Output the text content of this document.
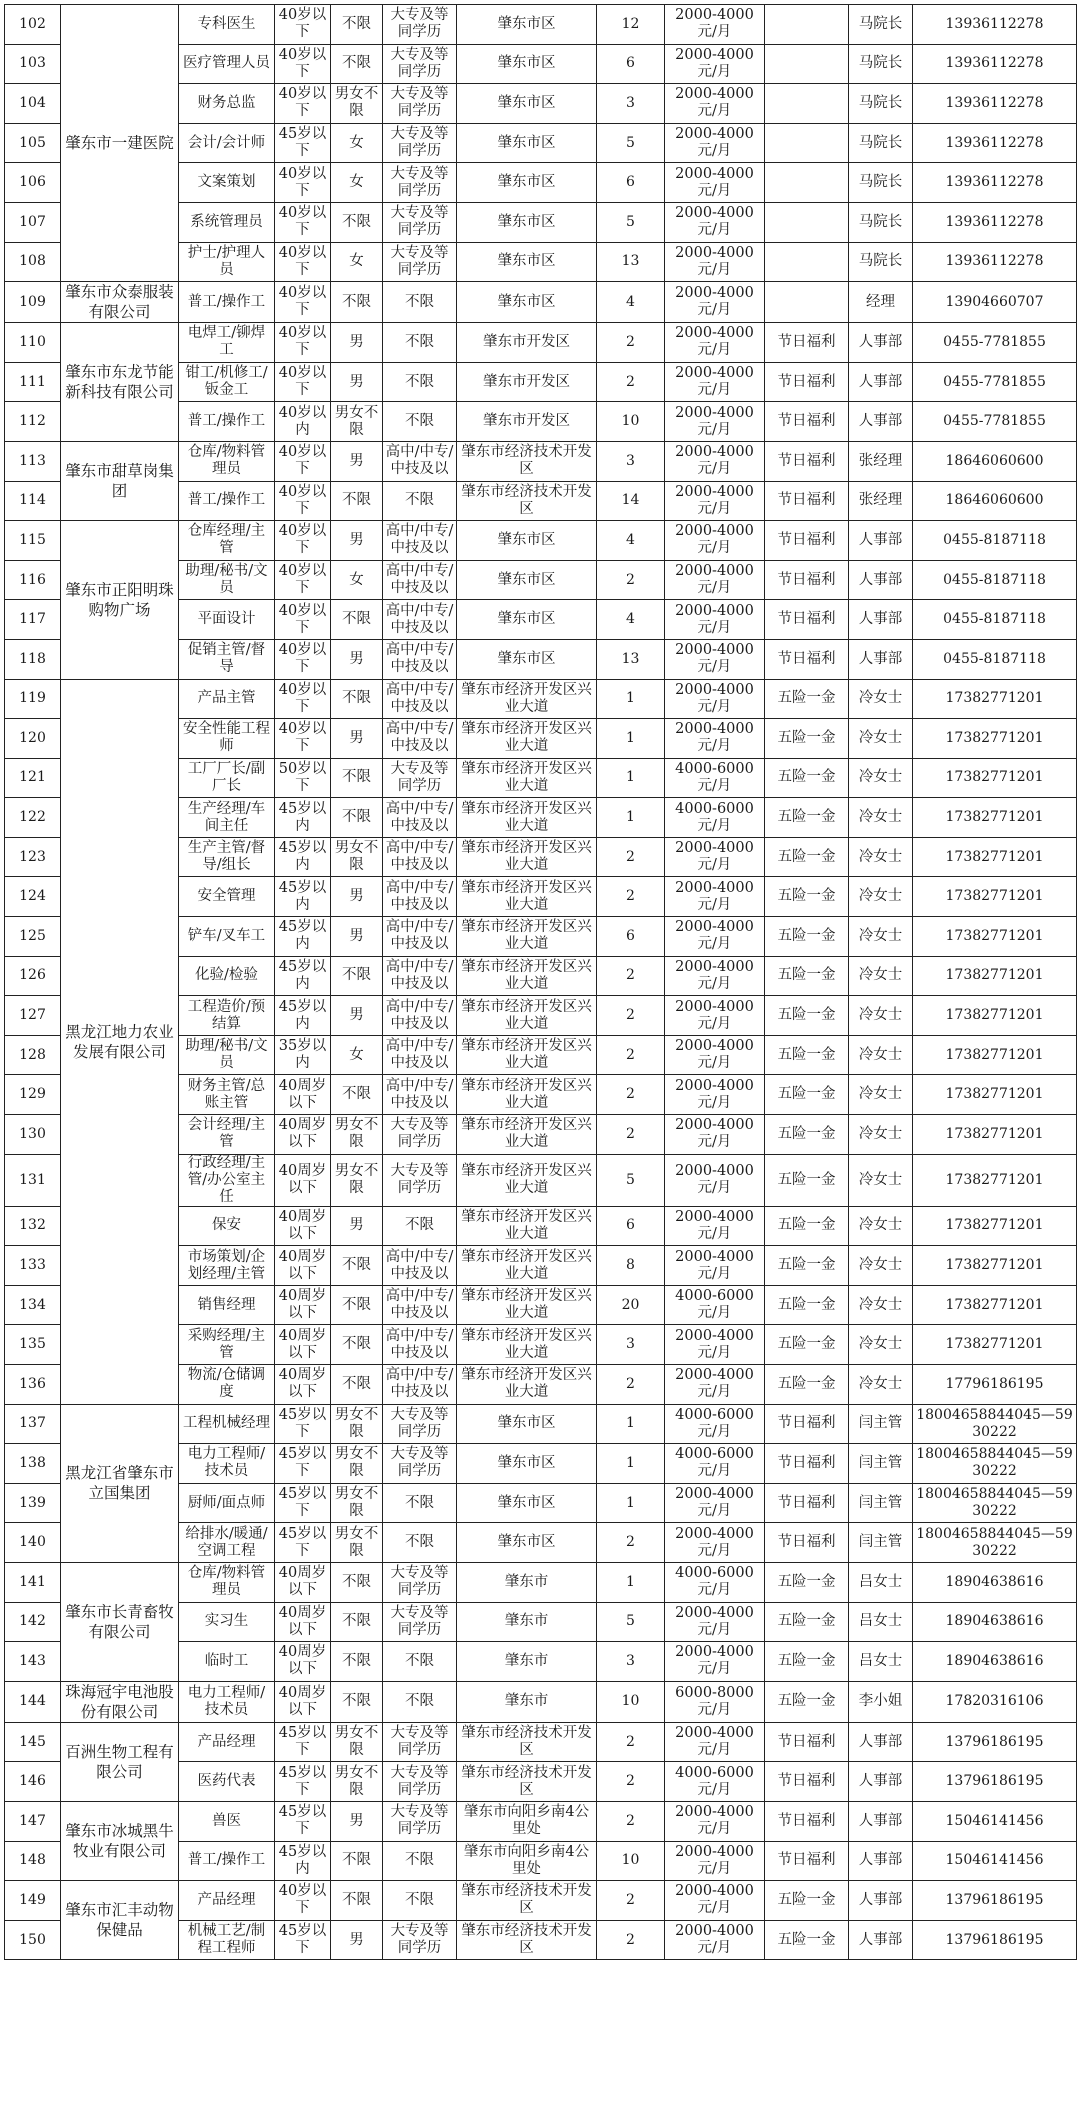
102	肇东市一建医院	专科医生	40岁以下	不限	大专及等同学历	肇东市区	12	2000-4000元/月		马院长	13936112278
103		医疗管理人员	40岁以下	不限	大专及等同学历	肇东市区	6	2000-4000元/月		马院长	13936112278
104		财务总监	40岁以下	男女不限	大专及等同学历	肇东市区	3	2000-4000元/月		马院长	13936112278
105		会计/会计师	45岁以下	女	大专及等同学历	肇东市区	5	2000-4000元/月		马院长	13936112278
106		文案策划	40岁以下	女	大专及等同学历	肇东市区	6	2000-4000元/月		马院长	13936112278
107		系统管理员	40岁以下	不限	大专及等同学历	肇东市区	5	2000-4000元/月		马院长	13936112278
108		护士/护理人员	40岁以下	女	大专及等同学历	肇东市区	13	2000-4000元/月		马院长	13936112278
109	肇东市众泰服装有限公司	普工/操作工	40岁以下	不限	不限	肇东市区	4	2000-4000元/月		经理	13904660707
110	肇东市东龙节能新科技有限公司	电焊工/铆焊工	40岁以下	男	不限	肇东市开发区	2	2000-4000元/月	节日福利	人事部	0455-7781855
111		钳工/机修工/钣金工	40岁以下	男	不限	肇东市开发区	2	2000-4000元/月	节日福利	人事部	0455-7781855
112		普工/操作工	40岁以内	男女不限	不限	肇东市开发区	10	2000-4000元/月	节日福利	人事部	0455-7781855
113	肇东市甜草岗集团	仓库/物料管理员	40岁以下	男	高中/中专/中技及以	肇东市经济技术开发区	3	2000-4000元/月	节日福利	张经理	18646060600
114		普工/操作工	40岁以下	不限	不限	肇东市经济技术开发区	14	2000-4000元/月	节日福利	张经理	18646060600
115	肇东市正阳明珠购物广场	仓库经理/主管	40岁以下	男	高中/中专/中技及以	肇东市区	4	2000-4000元/月	节日福利	人事部	0455-8187118
116		助理/秘书/文员	40岁以下	女	高中/中专/中技及以	肇东市区	2	2000-4000元/月	节日福利	人事部	0455-8187118
117		平面设计	40岁以下	不限	高中/中专/中技及以	肇东市区	4	2000-4000元/月	节日福利	人事部	0455-8187118
118		促销主管/督导	40岁以下	男	高中/中专/中技及以	肇东市区	13	2000-4000元/月	节日福利	人事部	0455-8187118
119	黑龙江地力农业发展有限公司	产品主管	40岁以下	不限	高中/中专/中技及以	肇东市经济开发区兴业大道	1	2000-4000元/月	五险一金	冷女士	17382771201
120		安全性能工程师	40岁以下	男	高中/中专/中技及以	肇东市经济开发区兴业大道	1	2000-4000元/月	五险一金	冷女士	17382771201
121		工厂厂长/副厂长	50岁以下	不限	大专及等同学历	肇东市经济开发区兴业大道	1	4000-6000元/月	五险一金	冷女士	17382771201
122		生产经理/车间主任	45岁以内	不限	高中/中专/中技及以	肇东市经济开发区兴业大道	1	4000-6000元/月	五险一金	冷女士	17382771201
123		生产主管/督导/组长	45岁以内	男女不限	高中/中专/中技及以	肇东市经济开发区兴业大道	2	2000-4000元/月	五险一金	冷女士	17382771201
124		安全管理	45岁以内	男	高中/中专/中技及以	肇东市经济开发区兴业大道	2	2000-4000元/月	五险一金	冷女士	17382771201
125		铲车/叉车工	45岁以内	男	高中/中专/中技及以	肇东市经济开发区兴业大道	6	2000-4000元/月	五险一金	冷女士	17382771201
126		化验/检验	45岁以内	不限	高中/中专/中技及以	肇东市经济开发区兴业大道	2	2000-4000元/月	五险一金	冷女士	17382771201
127		工程造价/预结算	45岁以内	男	高中/中专/中技及以	肇东市经济开发区兴业大道	2	2000-4000元/月	五险一金	冷女士	17382771201
128		助理/秘书/文员	35岁以内	女	高中/中专/中技及以	肇东市经济开发区兴业大道	2	2000-4000元/月	五险一金	冷女士	17382771201
129		财务主管/总账主管	40周岁以下	不限	高中/中专/中技及以	肇东市经济开发区兴业大道	2	2000-4000元/月	五险一金	冷女士	17382771201
130		会计经理/主管	40周岁以下	男女不限	大专及等同学历	肇东市经济开发区兴业大道	2	2000-4000元/月	五险一金	冷女士	17382771201
131		行政经理/主管/办公室主任	40周岁以下	男女不限	大专及等同学历	肇东市经济开发区兴业大道	5	2000-4000元/月	五险一金	冷女士	17382771201
132		保安	40周岁以下	男	不限	肇东市经济开发区兴业大道	6	2000-4000元/月	五险一金	冷女士	17382771201
133		市场策划/企划经理/主管	40周岁以下	不限	高中/中专/中技及以	肇东市经济开发区兴业大道	8	2000-4000元/月	五险一金	冷女士	17382771201
134		销售经理	40周岁以下	不限	高中/中专/中技及以	肇东市经济开发区兴业大道	20	4000-6000元/月	五险一金	冷女士	17382771201
135		采购经理/主管	40周岁以下	不限	高中/中专/中技及以	肇东市经济开发区兴业大道	3	2000-4000元/月	五险一金	冷女士	17382771201
136		物流/仓储调度	40周岁以下	不限	高中/中专/中技及以	肇东市经济开发区兴业大道	2	2000-4000元/月	五险一金	冷女士	17796186195
137	黑龙江省肇东市立国集团	工程机械经理	45岁以下	男女不限	大专及等同学历	肇东市区	1	4000-6000元/月	节日福利	闫主管	18004658844045—5930222
138		电力工程师/技术员	45岁以下	男女不限	大专及等同学历	肇东市区	1	4000-6000元/月	节日福利	闫主管	18004658844045—5930222
139		厨师/面点师	45岁以下	男女不限	不限	肇东市区	1	2000-4000元/月	节日福利	闫主管	18004658844045—5930222
140		给排水/暖通/空调工程	45岁以下	男女不限	不限	肇东市区	2	2000-4000元/月	节日福利	闫主管	18004658844045—5930222
141	肇东市长青畜牧有限公司	仓库/物料管理员	40周岁以下	不限	大专及等同学历	肇东市	1	4000-6000元/月	五险一金	吕女士	18904638616
142		实习生	40周岁以下	不限	大专及等同学历	肇东市	5	2000-4000元/月	五险一金	吕女士	18904638616
143		临时工	40周岁以下	不限	不限	肇东市	3	2000-4000元/月	五险一金	吕女士	18904638616
144	珠海冠宇电池股份有限公司	电力工程师/技术员	40周岁以下	不限	不限	肇东市	10	6000-8000元/月	五险一金	李小姐	17820316106
145	百洲生物工程有限公司	产品经理	45岁以下	男女不限	大专及等同学历	肇东市经济技术开发区	2	2000-4000元/月	节日福利	人事部	13796186195
146		医药代表	45岁以下	男女不限	大专及等同学历	肇东市经济技术开发区	2	4000-6000元/月	节日福利	人事部	13796186195
147	肇东市冰城黑牛牧业有限公司	兽医	45岁以下	男	大专及等同学历	肇东市向阳乡南4公里处	2	2000-4000元/月	节日福利	人事部	15046141456
148		普工/操作工	45岁以内	不限	不限	肇东市向阳乡南4公里处	10	2000-4000元/月	节日福利	人事部	15046141456
149	肇东市汇丰动物保健品	产品经理	40岁以下	不限	不限	肇东市经济技术开发区	2	2000-4000元/月	五险一金	人事部	13796186195
150		机械工艺/制程工程师	45岁以下	男	大专及等同学历	肇东市经济技术开发区	2	2000-4000元/月	五险一金	人事部	13796186195
